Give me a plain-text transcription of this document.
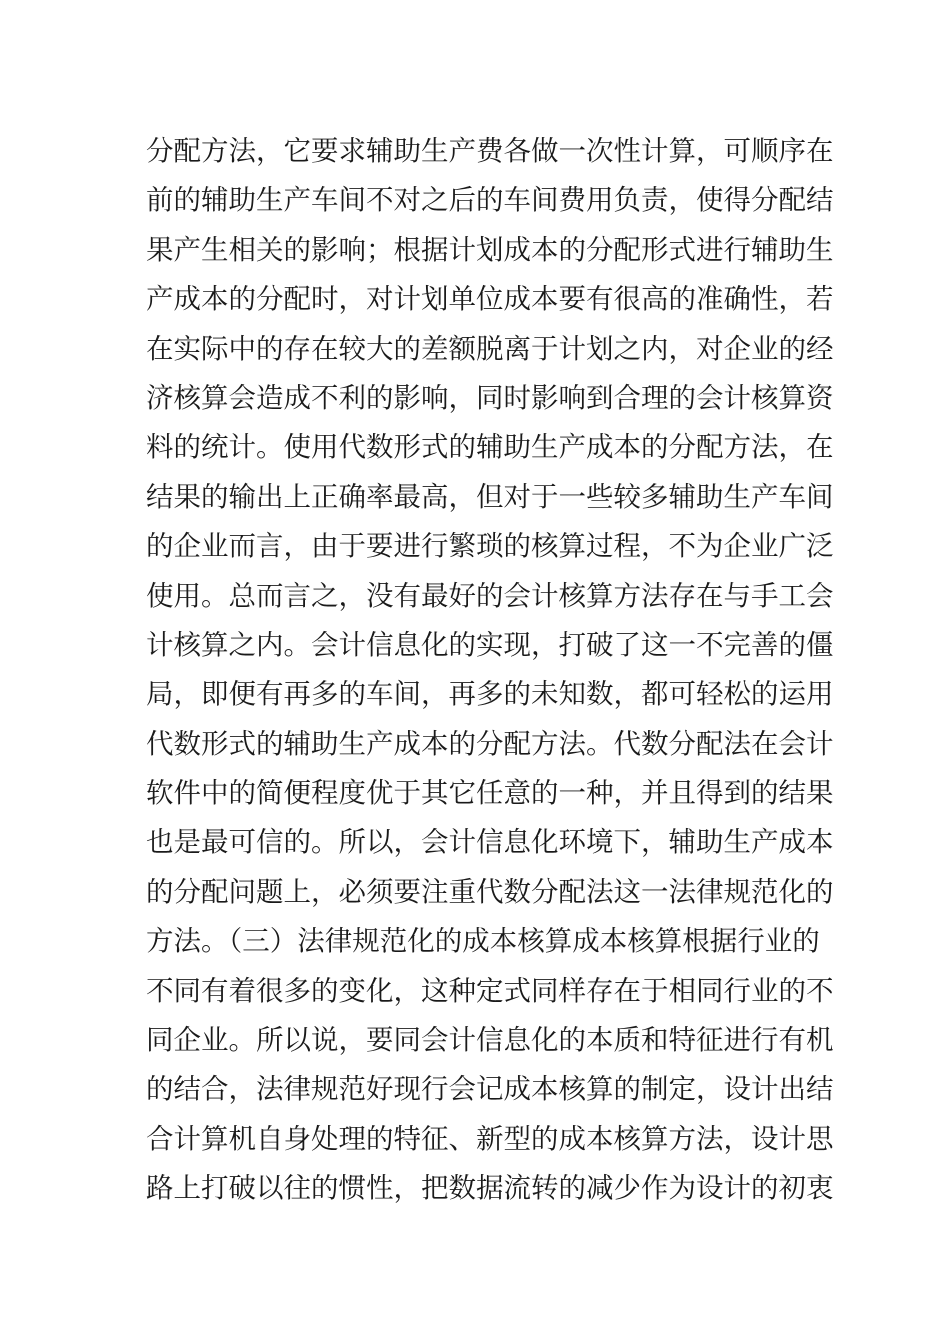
分配方法，它要求辅助生产费各做一次性计算，可顺序在
前的辅助生产车间不对之后的车间费用负责，使得分配结
果产生相关的影响；根据计划成本的分配形式进行辅助生
产成本的分配时，对计划单位成本要有很高的准确性，若
在实际中的存在较大的差额脱离于计划之内，对企业的经
济核算会造成不利的影响，同时影响到合理的会计核算资
料的统计。使用代数形式的辅助生产成本的分配方法，在
结果的输出上正确率最高，但对于一些较多辅助生产车间
的企业而言，由于要进行繁琐的核算过程，不为企业广泛
使用。总而言之，没有最好的会计核算方法存在与手工会
计核算之内。会计信息化的实现，打破了这一不完善的僵
局，即便有再多的车间，再多的未知数，都可轻松的运用
代数形式的辅助生产成本的分配方法。代数分配法在会计
软件中的简便程度优于其它任意的一种，并且得到的结果
也是最可信的。所以，会计信息化环境下，辅助生产成本
的分配问题上，必须要注重代数分配法这一法律规范化的
方法。（三）法律规范化的成本核算成本核算根据行业的
不同有着很多的变化，这种定式同样存在于相同行业的不
同企业。所以说，要同会计信息化的本质和特征进行有机
的结合，法律规范好现行会记成本核算的制定，设计出结
合计算机自身处理的特征、新型的成本核算方法，设计思
路上打破以往的惯性，把数据流转的减少作为设计的初衷
